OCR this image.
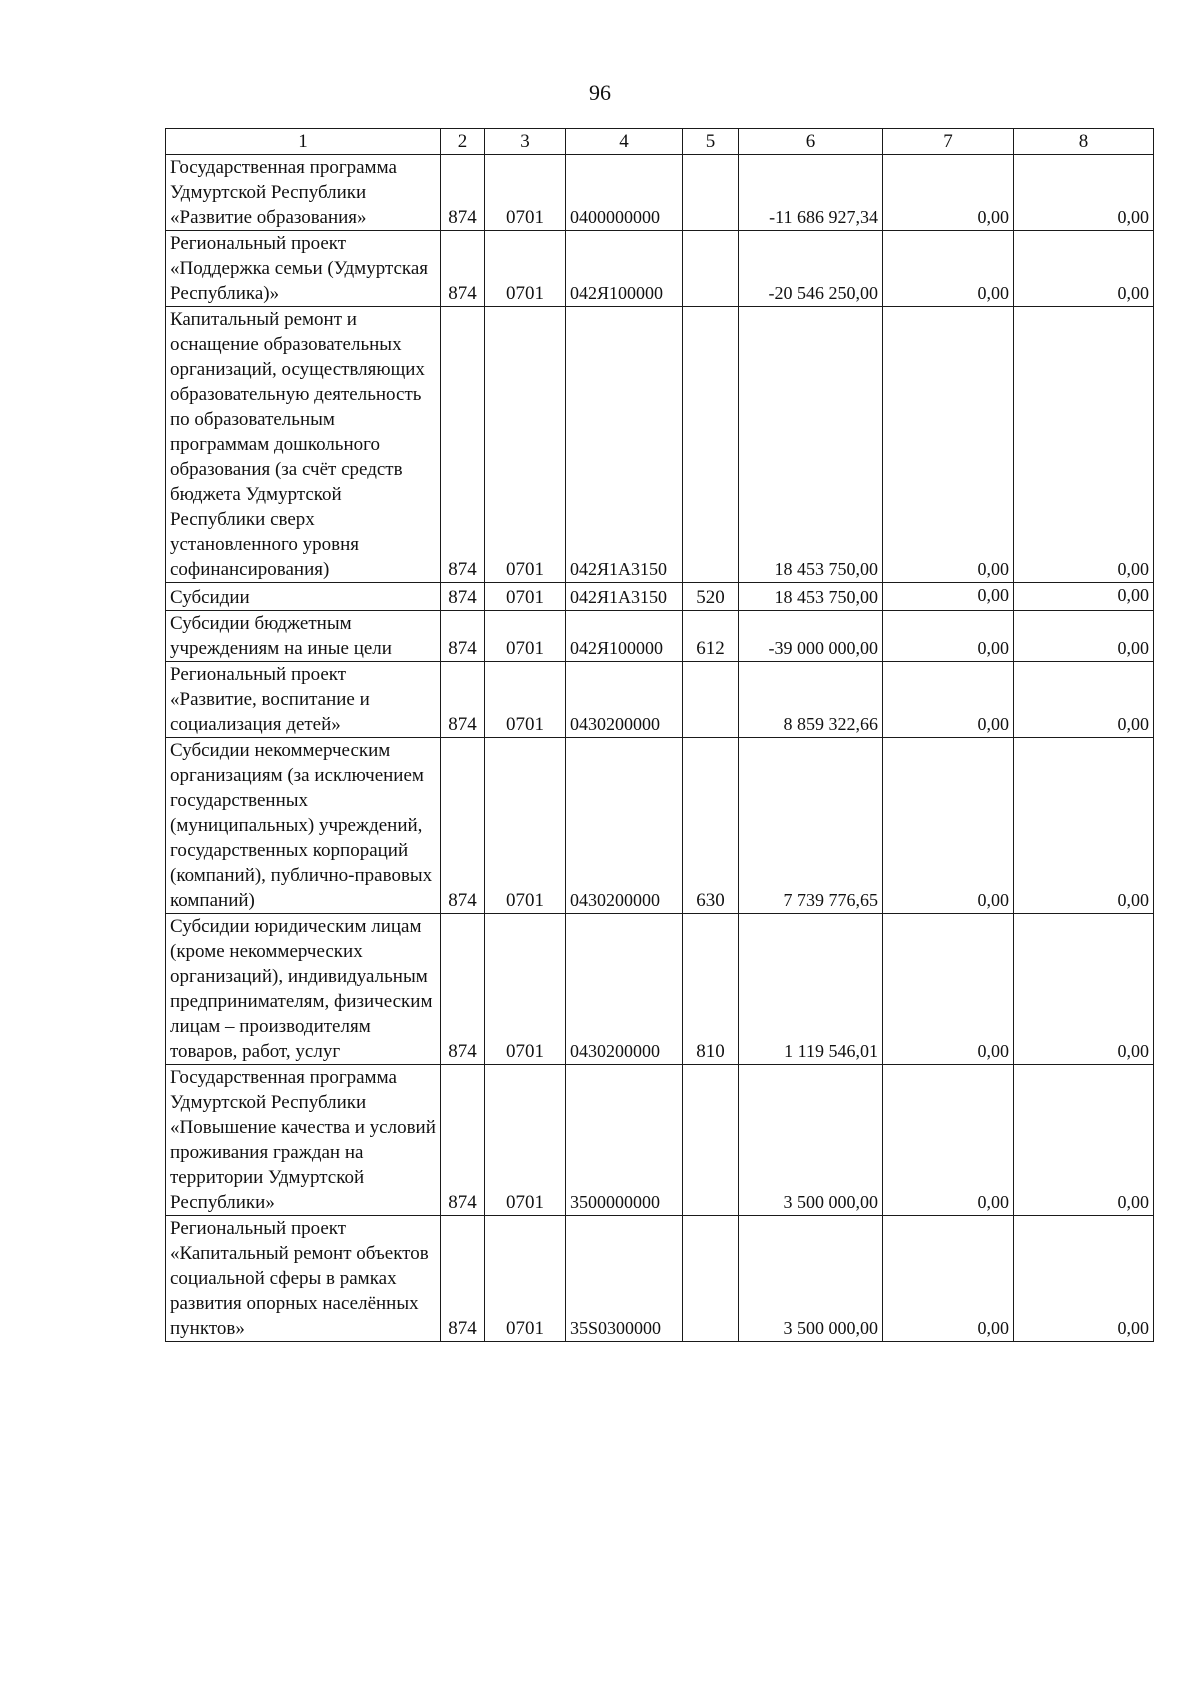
96
1	2	3	4	5	6	7	8
Государственная программа Удмуртской Республики «Развитие образования»	874	0701	0400000000		-11 686 927,34	0,00	0,00
Региональный проект «Поддержка семьи (Удмуртская Республика)»	874	0701	042Я100000		-20 546 250,00	0,00	0,00
Капитальный ремонт и оснащение образовательных организаций, осуществляющих образовательную деятельность по образовательным программам дошкольного образования (за счёт средств бюджета Удмуртской Республики сверх установленного уровня софинансирования)	874	0701	042Я1А3150		18 453 750,00	0,00	0,00
Субсидии	874	0701	042Я1А3150	520	18 453 750,00	0,00	0,00
Субсидии бюджетным учреждениям на иные цели	874	0701	042Я100000	612	-39 000 000,00	0,00	0,00
Региональный проект «Развитие, воспитание и социализация детей»	874	0701	0430200000		8 859 322,66	0,00	0,00
Субсидии некоммерческим организациям (за исключением государственных (муниципальных) учреждений, государственных корпораций (компаний), публично-правовых компаний)	874	0701	0430200000	630	7 739 776,65	0,00	0,00
Субсидии юридическим лицам (кроме некоммерческих организаций), индивидуальным предпринимателям, физическим лицам – производителям товаров, работ, услуг	874	0701	0430200000	810	1 119 546,01	0,00	0,00
Государственная программа Удмуртской Республики «Повышение качества и условий проживания граждан на территории Удмуртской Республики»	874	0701	3500000000		3 500 000,00	0,00	0,00
Региональный проект «Капитальный ремонт объектов социальной сферы в рамках развития опорных населённых пунктов»	874	0701	35S0300000		3 500 000,00	0,00	0,00
